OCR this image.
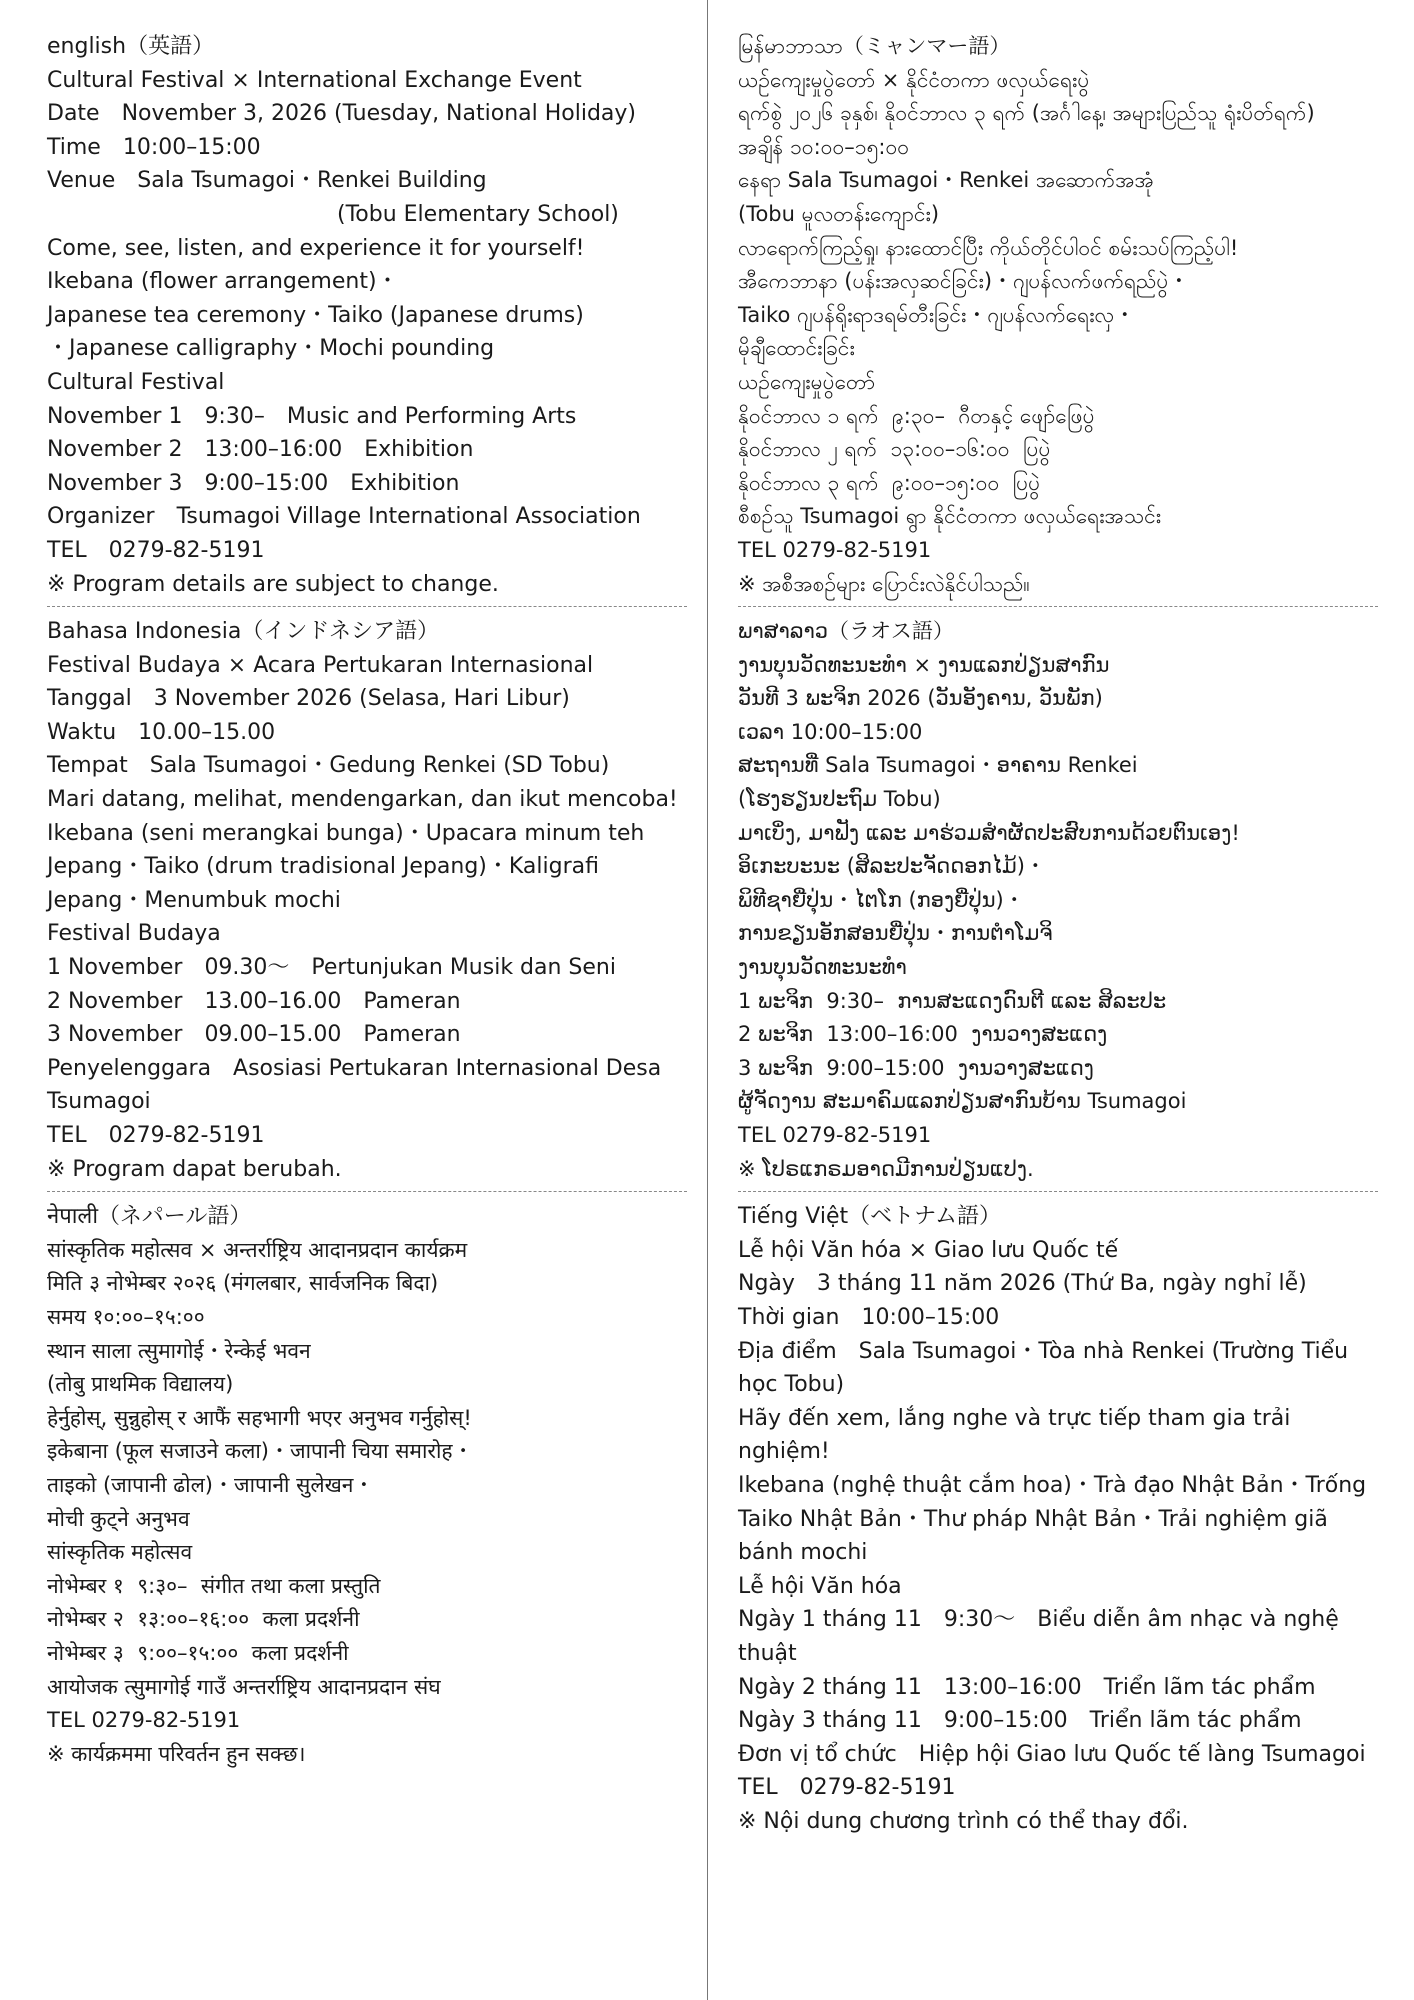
english（英語）

Cultural Festival × International Exchange Event

Date　November 3, 2026 (Tuesday, National Holiday)

Time　10:00–15:00

Venue　Sala Tsumagoi・Renkei Building

(Tobu Elementary School)

Come, see, listen, and experience it for yourself!

Ikebana (flower arrangement)・

Japanese tea ceremony・Taiko (Japanese drums)

・Japanese calligraphy・Mochi pounding

Cultural Festival

November 1　9:30–　Music and Performing Arts

November 2　13:00–16:00　Exhibition

November 3　9:00–15:00　Exhibition

Organizer　Tsumagoi Village International Association

TEL　0279-82-5191

※ Program details are subject to change.

Bahasa Indonesia（インドネシア語）

Festival Budaya × Acara Pertukaran Internasional

Tanggal　3 November 2026 (Selasa, Hari Libur)

Waktu　10.00–15.00

Tempat　Sala Tsumagoi・Gedung Renkei (SD Tobu)

Mari datang, melihat, mendengarkan, dan ikut mencoba!

Ikebana (seni merangkai bunga)・Upacara minum teh Jepang・Taiko (drum tradisional Jepang)・Kaligrafi Jepang・Menumbuk mochi

Festival Budaya

1 November　09.30～　Pertunjukan Musik dan Seni

2 November　13.00–16.00　Pameran

3 November　09.00–15.00　Pameran

Penyelenggara　Asosiasi Pertukaran Internasional Desa Tsumagoi

TEL　0279-82-5191

※ Program dapat berubah.

नेपाली（ネパール語）

सांस्कृतिक महोत्सव × अन्तर्राष्ट्रिय आदानप्रदान कार्यक्रम

मिति ३ नोभेम्बर २०२६ (मंगलबार, सार्वजनिक बिदा)

समय १०:००–१५:००

स्थान साला त्सुमागोई・रेन्केई भवन

(तोबु प्राथमिक विद्यालय)

हेर्नुहोस्, सुन्नुहोस् र आफैं सहभागी भएर अनुभव गर्नुहोस्!

इकेबाना (फूल सजाउने कला)・जापानी चिया समारोह・

ताइको (जापानी ढोल)・जापानी सुलेखन・

मोची कुट्ने अनुभव

सांस्कृतिक महोत्सव

नोभेम्बर १  ९:३०–  संगीत तथा कला प्रस्तुति

नोभेम्बर २  १३:००–१६:००  कला प्रदर्शनी

नोभेम्बर ३  ९:००–१५:००  कला प्रदर्शनी

आयोजक त्सुमागोई गाउँ अन्तर्राष्ट्रिय आदानप्रदान संघ

TEL 0279-82-5191

※ कार्यक्रममा परिवर्तन हुन सक्छ।

မြန်မာဘာသာ（ミャンマー語）

ယဉ်ကျေးမှုပွဲတော် × နိုင်ငံတကာ ဖလှယ်ရေးပွဲ

ရက်စွဲ ၂၀၂၆ ခုနှစ်၊ နိုဝင်ဘာလ ၃ ရက် (အင်္ဂါနေ့၊ အများပြည်သူ ရုံးပိတ်ရက်)

အချိန် ၁၀:၀၀–၁၅:၀၀

နေရာ Sala Tsumagoi・Renkei အဆောက်အအုံ

(Tobu မူလတန်းကျောင်း)

လာရောက်ကြည့်ရှု၊ နားထောင်ပြီး ကိုယ်တိုင်ပါဝင် စမ်းသပ်ကြည့်ပါ!

အီကေဘာနာ (ပန်းအလှဆင်ခြင်း)・ဂျပန်လက်ဖက်ရည်ပွဲ・

Taiko ဂျပန်ရိုးရာဒရမ်တီးခြင်း・ဂျပန်လက်ရေးလှ・

မိုချီထောင်းခြင်း

ယဉ်ကျေးမှုပွဲတော်

နိုဝင်ဘာလ ၁ ရက်  ၉:၃၀–  ဂီတနှင့် ဖျော်ဖြေပွဲ

နိုဝင်ဘာလ ၂ ရက်  ၁၃:၀၀–၁၆:၀၀  ပြပွဲ

နိုဝင်ဘာလ ၃ ရက်  ၉:၀၀–၁၅:၀၀  ပြပွဲ

စီစဉ်သူ Tsumagoi ရွာ နိုင်ငံတကာ ဖလှယ်ရေးအသင်း

TEL 0279-82-5191

※ အစီအစဉ်များ ပြောင်းလဲနိုင်ပါသည်။

ພາສາລາວ（ラオス語）

ງານບຸນວັດທະນະທຳ × ງານແລກປ່ຽນສາກົນ

ວັນທີ 3 ພະຈິກ 2026 (ວັນອັງຄານ, ວັນພັກ)

ເວລາ 10:00–15:00

ສະຖານທີ່ Sala Tsumagoi・ອາຄານ Renkei

(ໂຮງຮຽນປະຖົມ Tobu)

ມາເບິ່ງ, ມາຟັງ ແລະ ມາຮ່ວມສຳຜັດປະສົບການດ້ວຍຕົນເອງ!

ອິເກະບະນະ (ສິລະປະຈັດດອກໄມ້)・

ພິທີຊາຍີ່ປຸ່ນ・ໄຕໂກ (ກອງຍີ່ປຸ່ນ)・

ການຂຽນອັກສອນຍີ່ປຸ່ນ・ການຕຳໂມຈິ

ງານບຸນວັດທະນະທຳ

1 ພະຈິກ  9:30–  ການສະແດງດົນຕີ ແລະ ສິລະປະ

2 ພະຈິກ  13:00–16:00  ງານວາງສະແດງ

3 ພະຈິກ  9:00–15:00  ງານວາງສະແດງ

ຜູ້ຈັດງານ ສະມາຄົມແລກປ່ຽນສາກົນບ້ານ Tsumagoi

TEL 0279-82-5191

※ ໂປຣແກຣມອາດມີການປ່ຽນແປງ.

Tiếng Việt（ベトナム語）

Lễ hội Văn hóa × Giao lưu Quốc tế

Ngày　3 tháng 11 năm 2026 (Thứ Ba, ngày nghỉ lễ)

Thời gian　10:00–15:00

Địa điểm　Sala Tsumagoi・Tòa nhà Renkei (Trường Tiểu học Tobu)

Hãy đến xem, lắng nghe và trực tiếp tham gia trải nghiệm!

Ikebana (nghệ thuật cắm hoa)・Trà đạo Nhật Bản・Trống Taiko Nhật Bản・Thư pháp Nhật Bản・Trải nghiệm giã bánh mochi

Lễ hội Văn hóa

Ngày 1 tháng 11　9:30～　Biểu diễn âm nhạc và nghệ thuật

Ngày 2 tháng 11　13:00–16:00　Triển lãm tác phẩm

Ngày 3 tháng 11　9:00–15:00　Triển lãm tác phẩm

Đơn vị tổ chức　Hiệp hội Giao lưu Quốc tế làng Tsumagoi

TEL　0279-82-5191

※ Nội dung chương trình có thể thay đổi.
